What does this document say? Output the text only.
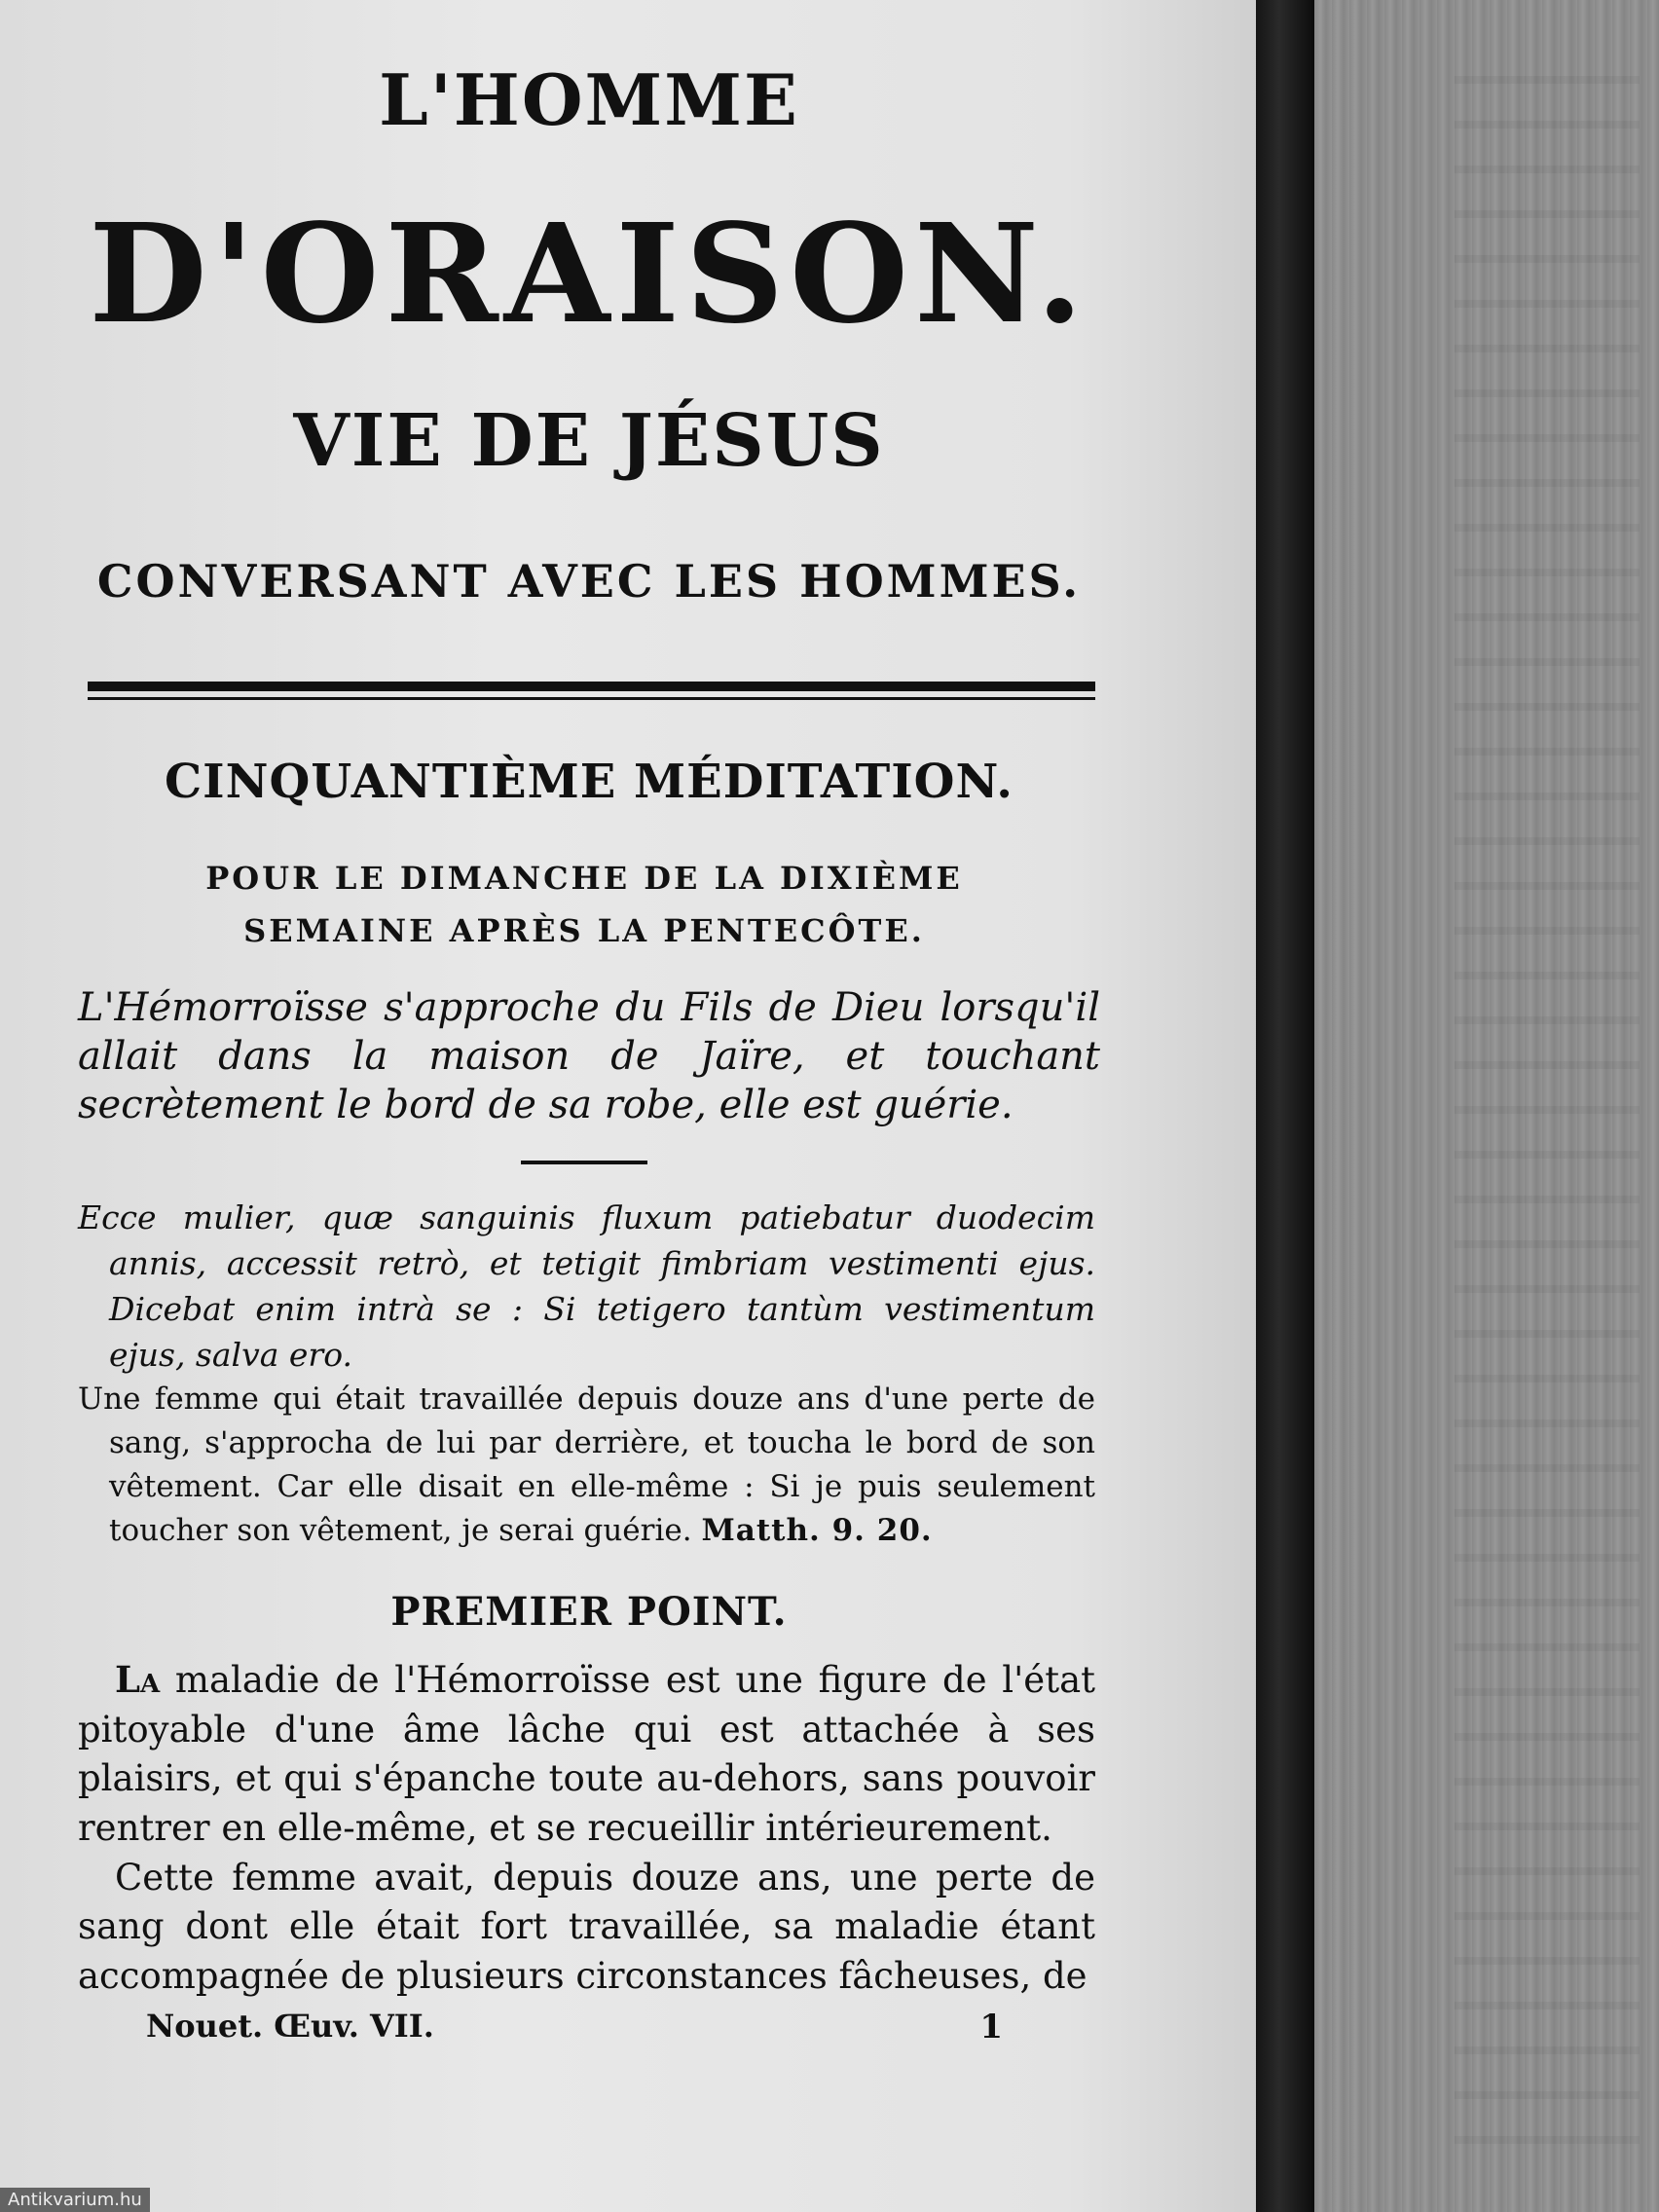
L'HOMME
D'ORAISON.
VIE DE JÉSUS
CONVERSANT AVEC LES HOMMES.
CINQUANTIÈME MÉDITATION.
POUR LE DIMANCHE DE LA DIXIÈME SEMAINE APRÈS LA PENTECÔTE.
L'Hémorroïsse s'approche du Fils de Dieu lorsqu'il allait dans la maison de Jaïre, et touchant secrètement le bord de sa robe, elle est guérie.
Ecce mulier, quæ sanguinis fluxum patiebatur duodecim annis, accessit retrò, et tetigit fimbriam vestimenti ejus. Dicebat enim intrà se : Si tetigero tantùm vestimentum ejus, salva ero.
Une femme qui était travaillée depuis douze ans d'une perte de sang, s'approcha de lui par derrière, et toucha le bord de son vêtement. Car elle disait en elle-même : Si je puis seulement toucher son vêtement, je serai guérie. Matth. 9. 20.
PREMIER POINT.

La maladie de l'Hémorroïsse est une figure de l'état pitoyable d'une âme lâche qui est attachée à ses plaisirs, et qui s'épanche toute au-dehors, sans pouvoir rentrer en elle-même, et se recueillir intérieurement.

Cette femme avait, depuis douze ans, une perte de sang dont elle était fort travaillée, sa maladie étant accompagnée de plusieurs circonstances fâcheuses, de

Nouet. Œuv. VII.	1
Antikvarium.hu
